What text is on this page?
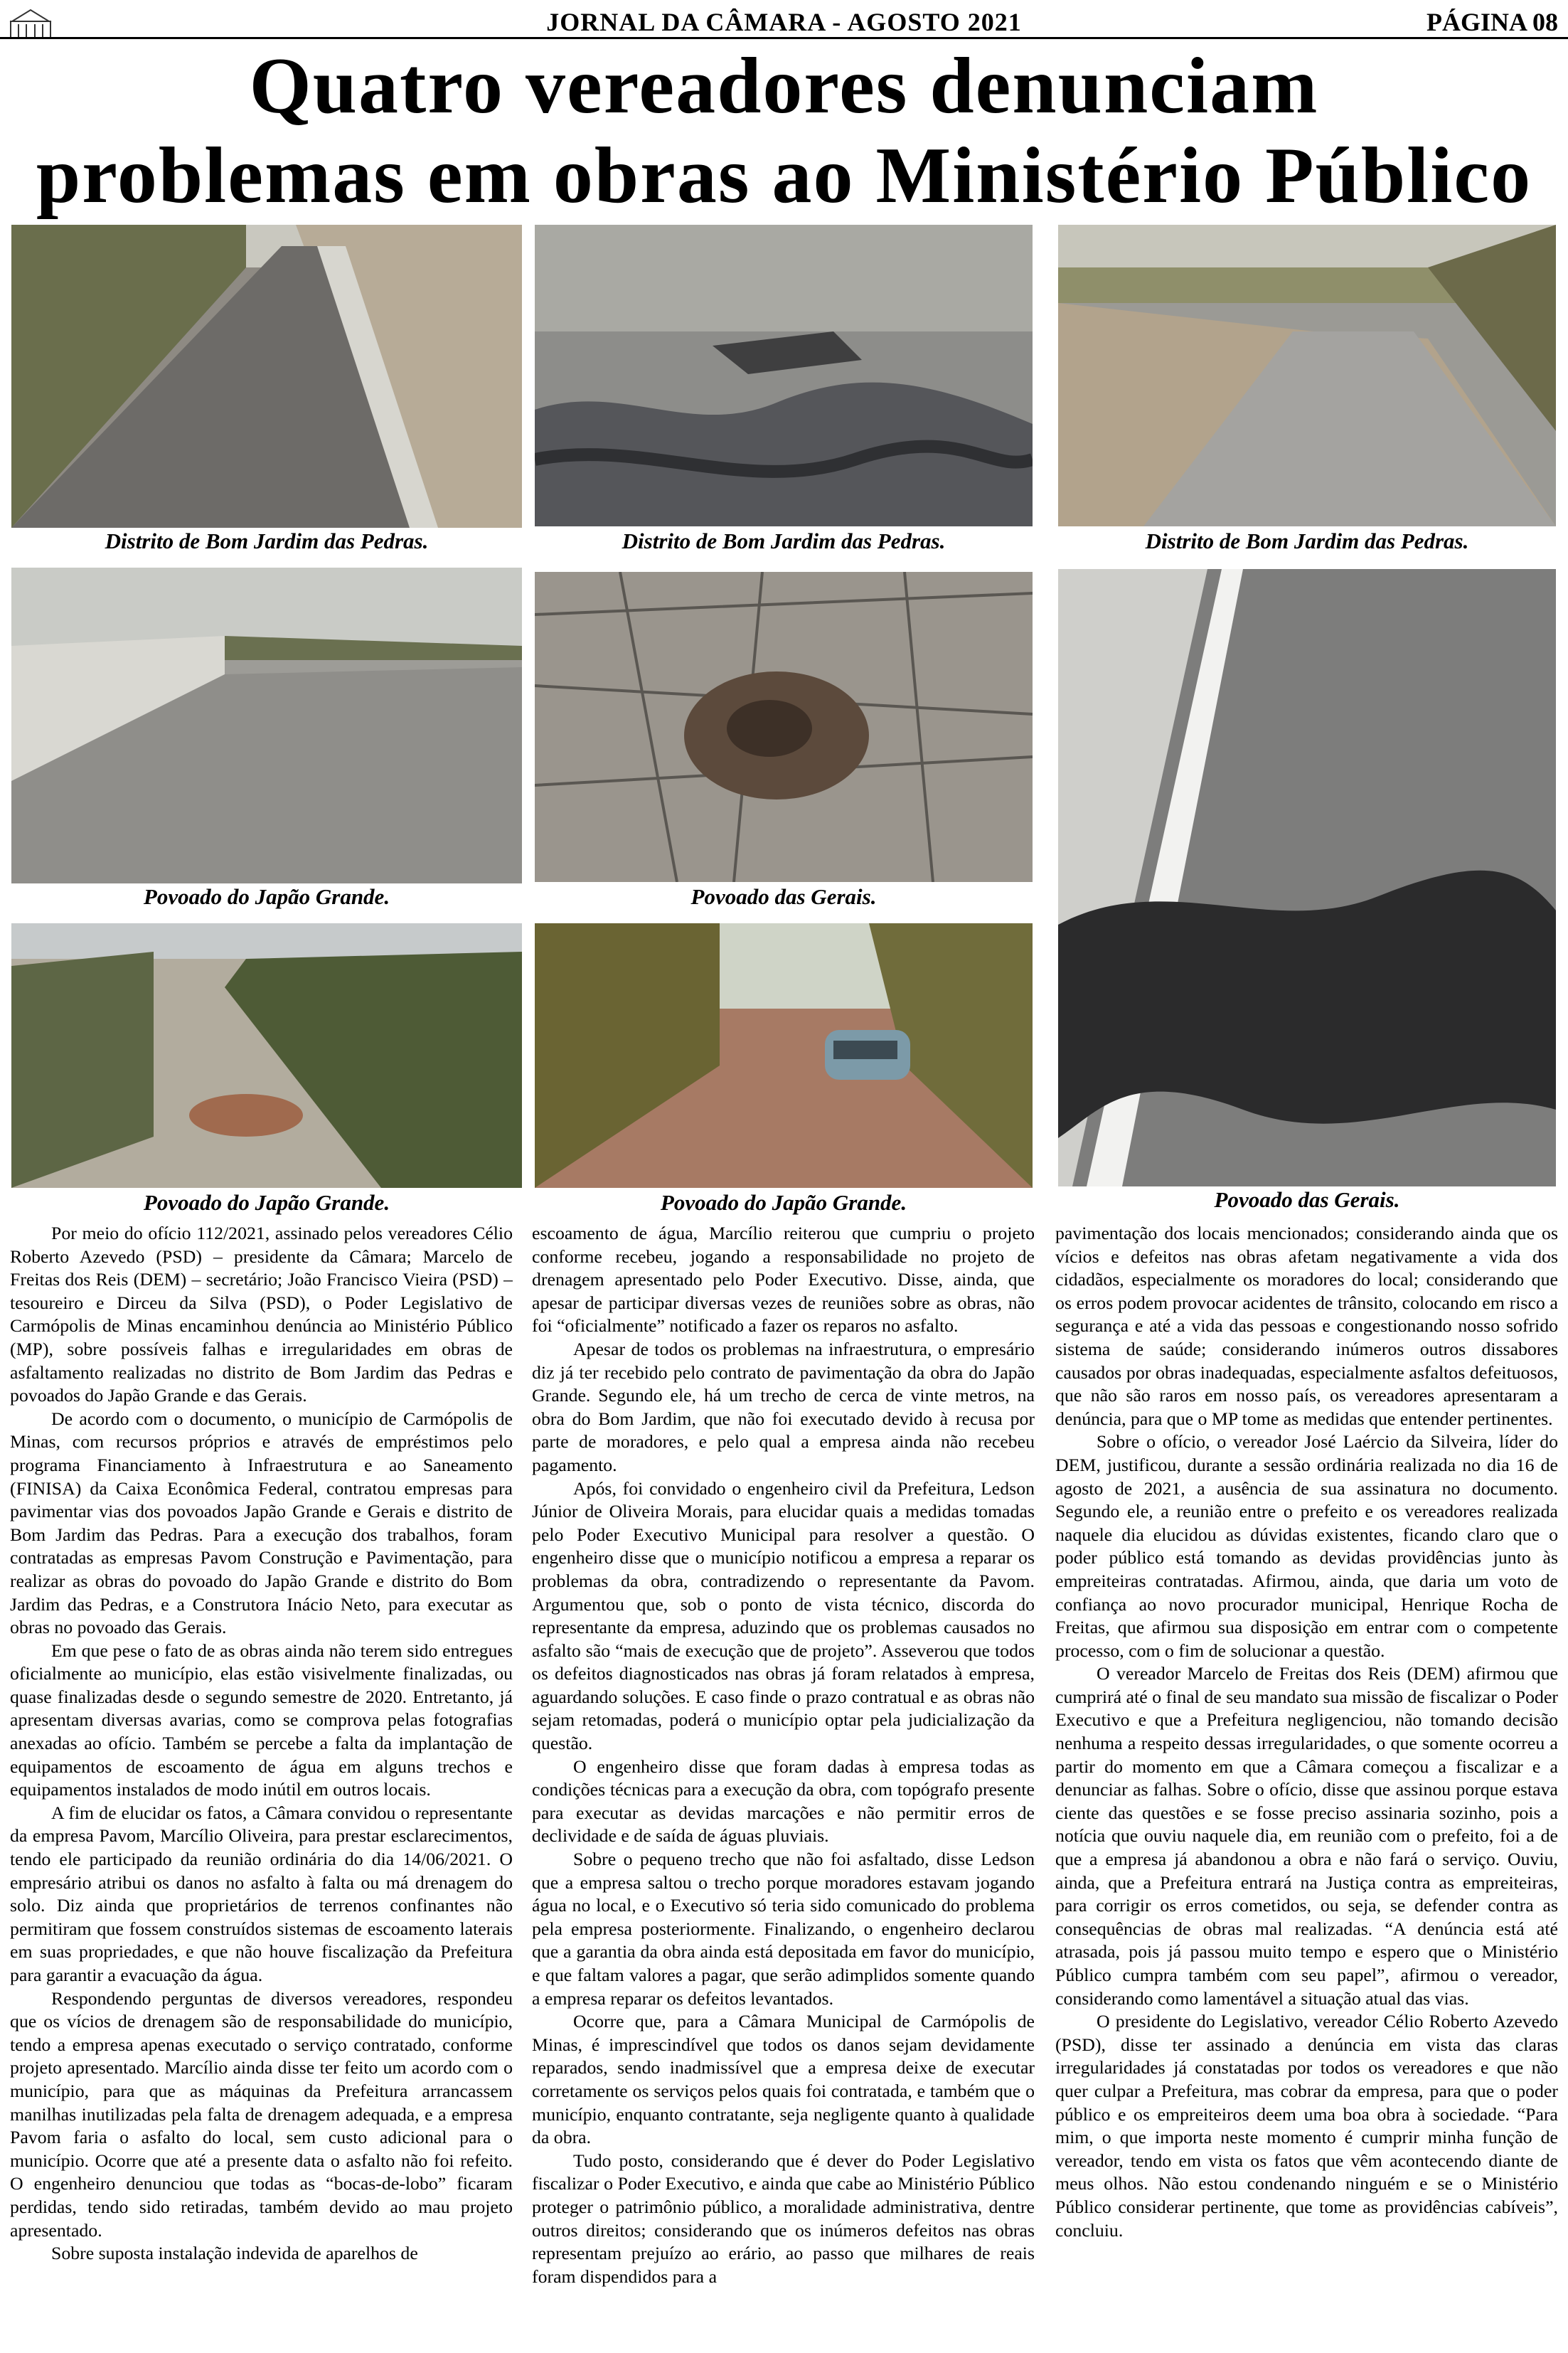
JORNAL DA CÂMARA - AGOSTO 2021	PÁGINA 08
Quatro vereadores denunciam
problemas em obras ao Ministério Público
Distrito de Bom Jardim das Pedras.	Distrito de Bom Jardim das Pedras.	Distrito de Bom Jardim das Pedras.
Povoado do Japão Grande.	Povoado das Gerais.
Povoado das Gerais.
Povoado do Japão Grande.	Povoado do Japão Grande.

Por meio do ofício 112/2021, assinado pelos vereadores Célio Roberto Azevedo (PSD) – presidente da Câmara; Marcelo de Freitas dos Reis (DEM) – secretário; João Francisco Vieira (PSD) – tesoureiro e Dirceu da Silva (PSD), o Poder Legislativo de Carmópolis de Minas encaminhou denúncia ao Ministério Público (MP), sobre possíveis falhas e irregularidades em obras de asfaltamento realizadas no distrito de Bom Jardim das Pedras e povoados do Japão Grande e das Gerais.

De acordo com o documento, o município de Carmópolis de Minas, com recursos próprios e através de empréstimos pelo programa Financiamento à Infraestrutura e ao Saneamento (FINISA) da Caixa Econômica Federal, contratou empresas para pavimentar vias dos povoados Japão Grande e Gerais e distrito de Bom Jardim das Pedras. Para a execução dos trabalhos, foram contratadas as empresas Pavom Construção e Pavimentação, para realizar as obras do povoado do Japão Grande e distrito do Bom Jardim das Pedras, e a Construtora Inácio Neto, para executar as obras no povoado das Gerais.

Em que pese o fato de as obras ainda não terem sido entregues oficialmente ao município, elas estão visivelmente finalizadas, ou quase finalizadas desde o segundo semestre de 2020. Entretanto, já apresentam diversas avarias, como se comprova pelas fotografias anexadas ao ofício. Também se percebe a falta da implantação de equipamentos de escoamento de água em alguns trechos e equipamentos instalados de modo inútil em outros locais.

A fim de elucidar os fatos, a Câmara convidou o representante da empresa Pavom, Marcílio Oliveira, para prestar esclarecimentos, tendo ele participado da reunião ordinária do dia 14/06/2021. O empresário atribui os danos no asfalto à falta ou má drenagem do solo. Diz ainda que proprietários de terrenos confinantes não permitiram que fossem construídos sistemas de escoamento laterais em suas propriedades, e que não houve fiscalização da Prefeitura para garantir a evacuação da água.

Respondendo perguntas de diversos vereadores, respondeu que os vícios de drenagem são de responsabilidade do município, tendo a empresa apenas executado o serviço contratado, conforme projeto apresentado. Marcílio ainda disse ter feito um acordo com o município, para que as máquinas da Prefeitura arrancassem manilhas inutilizadas pela falta de drenagem adequada, e a empresa Pavom faria o asfalto do local, sem custo adicional para o município. Ocorre que até a presente data o asfalto não foi refeito. O engenheiro denunciou que todas as “bocas-de-lobo” ficaram perdidas, tendo sido retiradas, também devido ao mau projeto apresentado.

Sobre suposta instalação indevida de aparelhos de

escoamento de água, Marcílio reiterou que cumpriu o projeto conforme recebeu, jogando a responsabilidade no projeto de drenagem apresentado pelo Poder Executivo. Disse, ainda, que apesar de participar diversas vezes de reuniões sobre as obras, não foi “oficialmente” notificado a fazer os reparos no asfalto.

Apesar de todos os problemas na infraestrutura, o empresário diz já ter recebido pelo contrato de pavimentação da obra do Japão Grande. Segundo ele, há um trecho de cerca de vinte metros, na obra do Bom Jardim, que não foi executado devido à recusa por parte de moradores, e pelo qual a empresa ainda não recebeu pagamento.

Após, foi convidado o engenheiro civil da Prefeitura, Ledson Júnior de Oliveira Morais, para elucidar quais a medidas tomadas pelo Poder Executivo Municipal para resolver a questão. O engenheiro disse que o município notificou a empresa a reparar os problemas da obra, contradizendo o representante da Pavom. Argumentou que, sob o ponto de vista técnico, discorda do representante da empresa, aduzindo que os problemas causados no asfalto são “mais de execução que de projeto”. Asseverou que todos os defeitos diagnosticados nas obras já foram relatados à empresa, aguardando soluções. E caso finde o prazo contratual e as obras não sejam retomadas, poderá o município optar pela judicialização da questão.

O engenheiro disse que foram dadas à empresa todas as condições técnicas para a execução da obra, com topógrafo presente para executar as devidas marcações e não permitir erros de declividade e de saída de águas pluviais.

Sobre o pequeno trecho que não foi asfaltado, disse Ledson que a empresa saltou o trecho porque moradores estavam jogando água no local, e o Executivo só teria sido comunicado do problema pela empresa posteriormente. Finalizando, o engenheiro declarou que a garantia da obra ainda está depositada em favor do município, e que faltam valores a pagar, que serão adimplidos somente quando a empresa reparar os defeitos levantados.

Ocorre que, para a Câmara Municipal de Carmópolis de Minas, é imprescindível que todos os danos sejam devidamente reparados, sendo inadmissível que a empresa deixe de executar corretamente os serviços pelos quais foi contratada, e também que o município, enquanto contratante, seja negligente quanto à qualidade da obra.

Tudo posto, considerando que é dever do Poder Legislativo fiscalizar o Poder Executivo, e ainda que cabe ao Ministério Público proteger o patrimônio público, a moralidade administrativa, dentre outros direitos; considerando que os inúmeros defeitos nas obras representam prejuízo ao erário, ao passo que milhares de reais foram dispendidos para a

pavimentação dos locais mencionados; considerando ainda que os vícios e defeitos nas obras afetam negativamente a vida dos cidadãos, especialmente os moradores do local; considerando que os erros podem provocar acidentes de trânsito, colocando em risco a segurança e até a vida das pessoas e congestionando nosso sofrido sistema de saúde; considerando inúmeros outros dissabores causados por obras inadequadas, especialmente asfaltos defeituosos, que não são raros em nosso país, os vereadores apresentaram a denúncia, para que o MP tome as medidas que entender pertinentes.

Sobre o ofício, o vereador José Laércio da Silveira, líder do DEM, justificou, durante a sessão ordinária realizada no dia 16 de agosto de 2021, a ausência de sua assinatura no documento. Segundo ele, a reunião entre o prefeito e os vereadores realizada naquele dia elucidou as dúvidas existentes, ficando claro que o poder público está tomando as devidas providências junto às empreiteiras contratadas. Afirmou, ainda, que daria um voto de confiança ao novo procurador municipal, Henrique Rocha de Freitas, que afirmou sua disposição em entrar com o competente processo, com o fim de solucionar a questão.

O vereador Marcelo de Freitas dos Reis (DEM) afirmou que cumprirá até o final de seu mandato sua missão de fiscalizar o Poder Executivo e que a Prefeitura negligenciou, não tomando decisão nenhuma a respeito dessas irregularidades, o que somente ocorreu a partir do momento em que a Câmara começou a fiscalizar e a denunciar as falhas. Sobre o ofício, disse que assinou porque estava ciente das questões e se fosse preciso assinaria sozinho, pois a notícia que ouviu naquele dia, em reunião com o prefeito, foi a de que a empresa já abandonou a obra e não fará o serviço. Ouviu, ainda, que a Prefeitura entrará na Justiça contra as empreiteiras, para corrigir os erros cometidos, ou seja, se defender contra as consequências de obras mal realizadas. “A denúncia está até atrasada, pois já passou muito tempo e espero que o Ministério Público cumpra também com seu papel”, afirmou o vereador, considerando como lamentável a situação atual das vias.

O presidente do Legislativo, vereador Célio Roberto Azevedo (PSD), disse ter assinado a denúncia em vista das claras irregularidades já constatadas por todos os vereadores e que não quer culpar a Prefeitura, mas cobrar da empresa, para que o poder público e os empreiteiros deem uma boa obra à sociedade. “Para mim, o que importa neste momento é cumprir minha função de vereador, tendo em vista os fatos que vêm acontecendo diante de meus olhos. Não estou condenando ninguém e se o Ministério Público considerar pertinente, que tome as providências cabíveis”, concluiu.
